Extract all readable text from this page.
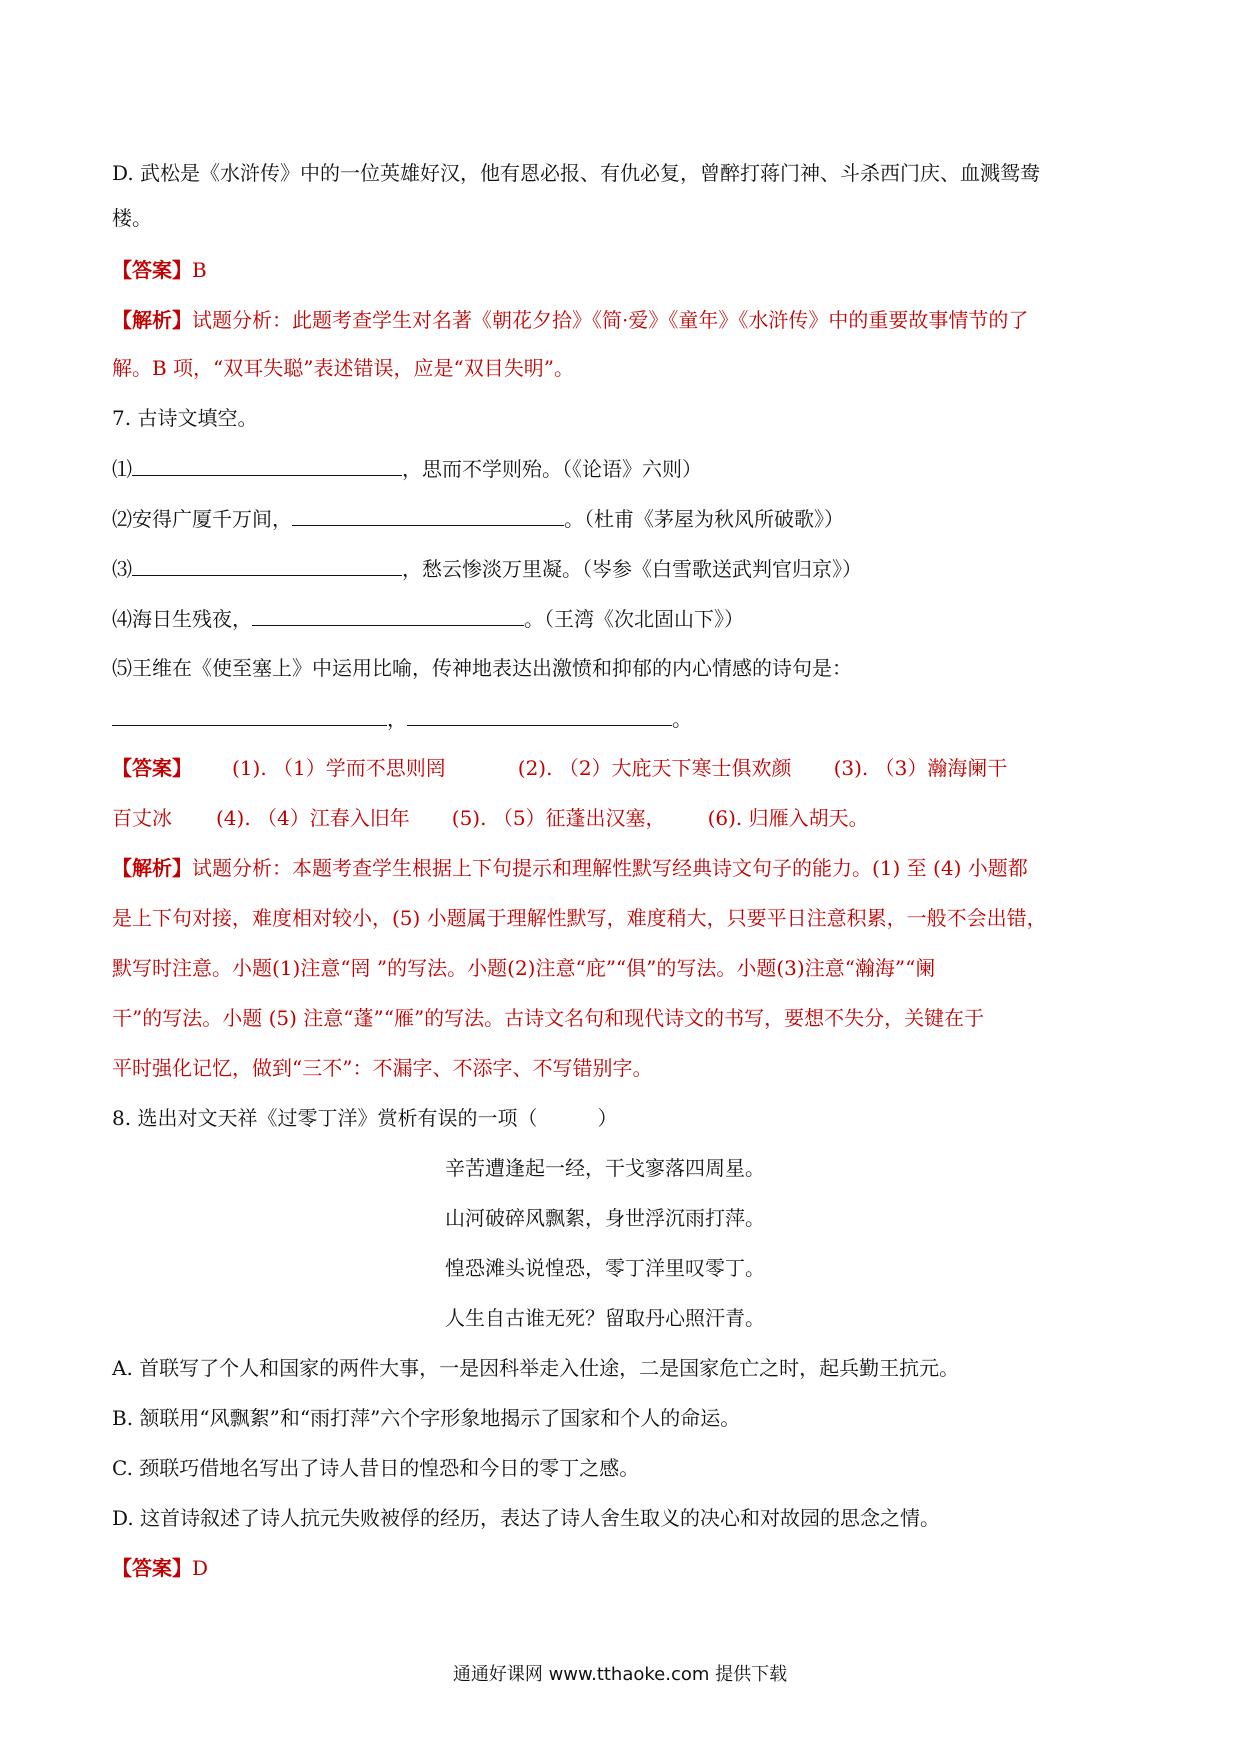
D. 武松是《水浒传》中的一位英雄好汉，他有恩必报、有仇必复，曾醉打蒋门神、斗杀西门庆、血溅鸳鸯
楼。
【答案】B
【解析】试题分析：此题考查学生对名著《朝花夕拾》《简·爱》《童年》《水浒传》中的重要故事情节的了
解。B 项，“双耳失聪”表述错误，应是“双目失明”。
7. 古诗文填空。
⑴	，思而不学则殆。（《论语》六则）
⑵安得广厦千万间，	。（杜甫《茅屋为秋风所破歌》）
⑶	，愁云惨淡万里凝。（岑参《白雪歌送武判官归京》）
⑷海日生残夜，	。（王湾《次北固山下》）
⑸王维在《使至塞上》中运用比喻，传神地表达出激愤和抑郁的内心情感的诗句是：
，	。
【答案】 (1). （1）学而不思则罔	(2). （2）大庇天下寒士俱欢颜 (3). （3）瀚海阑干
百丈冰 (4). （4）江春入旧年 (5). （5）征蓬出汉塞， (6). 归雁入胡天。
【解析】试题分析：本题考查学生根据上下句提示和理解性默写经典诗文句子的能力。(1) 至 (4) 小题都
是上下句对接，难度相对较小，(5) 小题属于理解性默写，难度稍大，只要平日注意积累，一般不会出错，
默写时注意。小题(1)注意“罔 ”的写法。小题(2)注意“庇”“俱”的写法。小题(3)注意“瀚海”“阑
干”的写法。小题 (5) 注意“蓬”“雁”的写法。古诗文名句和现代诗文的书写，要想不失分，关键在于
平时强化记忆，做到“三不”：不漏字、不添字、不写错别字。
8. 选出对文天祥《过零丁洋》赏析有误的一项（　　　）
辛苦遭逢起一经，干戈寥落四周星。
山河破碎风飘絮，身世浮沉雨打萍。
惶恐滩头说惶恐，零丁洋里叹零丁。
人生自古谁无死？留取丹心照汗青。
A. 首联写了个人和国家的两件大事，一是因科举走入仕途，二是国家危亡之时，起兵勤王抗元。
B. 颔联用“风飘絮”和“雨打萍”六个字形象地揭示了国家和个人的命运。
C. 颈联巧借地名写出了诗人昔日的惶恐和今日的零丁之感。
D. 这首诗叙述了诗人抗元失败被俘的经历，表达了诗人舍生取义的决心和对故园的思念之情。
【答案】D
通通好课网 www.tthaoke.com 提供下载
